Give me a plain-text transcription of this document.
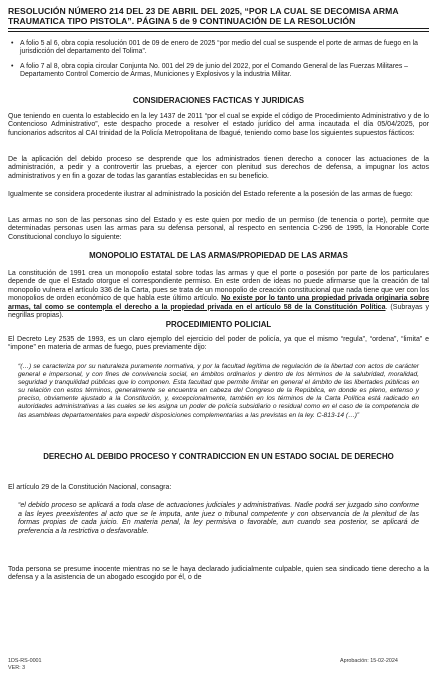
RESOLUCIÓN NÚMERO 214 DEL 23 DE ABRIL DEL 2025, “POR LA CUAL SE DECOMISA ARMA TRAUMATICA TIPO PISTOLA”. PÁGINA 5 de 9 CONTINUACIÓN DE LA RESOLUCIÓN
• A folio 5 al 6, obra copia resolución 001 de 09 de enero de 2025 “por medio del cual se suspende el porte de armas de fuego en la jurisdicción del departamento del Tolima”.
• A folio 7 al 8, obra copia circular Conjunta No. 001 del 29 de junio del 2022, por el Comando General de las Fuerzas Militares – Departamento Control Comercio de Armas, Municiones y Explosivos y la industria Militar.
CONSIDERACIONES FACTICAS Y JURIDICAS
Que teniendo en cuenta lo establecido en la ley 1437 de 2011 “por el cual se expide el código de Procedimiento Administrativo y de lo Contencioso Administrativo”, este despacho procede a resolver el estado jurídico del arma incautada el día 05/04/2025, por funcionarios adscritos al CAI trinidad de la Policía Metropolitana de Ibagué, teniendo como base los siguientes supuestos fácticos:
De la aplicación del debido proceso se desprende que los administrados tienen derecho a conocer las actuaciones de la administración, a pedir y a controvertir las pruebas, a ejercer con plenitud sus derechos de defensa, a impugnar los actos administrativos y en fin a gozar de todas las garantías establecidas en su beneficio.
Igualmente se considera procedente ilustrar al administrado la posición del Estado referente a la posesión de las armas de fuego:
Las armas no son de las personas sino del Estado y es este quien por medio de un permiso (de tenencia o porte), permite que determinadas personas usen las armas para su defensa personal, al respecto en sentencia C-296 de 1995, la Honorable Corte Constitucional concluyo lo siguiente:
MONOPOLIO ESTATAL DE LAS ARMAS/PROPIEDAD DE LAS ARMAS
La constitución de 1991 crea un monopolio estatal sobre todas las armas y que el porte o posesión por parte de los particulares depende de que el Estado otorgue el correspondiente permiso. En este orden de ideas no puede afirmarse que la creación de tal monopolio vulnera el artículo 336 de la Carta, pues se trata de un monopolio de creación constitucional que nada tiene que ver con los monopolios de orden económico de que habla este último artículo. No existe por lo tanto una propiedad privada originaria sobre armas, tal como se contempla el derecho a la propiedad privada en el artículo 58 de la Constitución Política. (Subrayas y negrillas propias).
PROCEDIMIENTO POLICIAL
El Decreto Ley 2535 de 1993, es un claro ejemplo del ejercicio del poder de policía, ya que el mismo “regula”, “ordena”, “limita” e “impone” en materia de armas de fuego, pues previamente dijo:
“(…) se caracteriza por su naturaleza puramente normativa, y por la facultad legítima de regulación de la libertad con actos de carácter general e impersonal, y con fines de convivencia social, en ámbitos ordinarios y dentro de los términos de la salubridad, moralidad, seguridad y tranquilidad públicas que lo componen. Esta facultad que permite limitar en general el ámbito de las libertades públicas en su relación con estos términos, generalmente se encuentra en cabeza del Congreso de la República, en donde es pleno, extenso y preciso, obviamente ajustado a la Constitución, y, excepcionalmente, también en los términos de la Carta Política está radicado en autoridades administrativas a las cuales se les asigna un poder de policía subsidiario o residual como en el caso de la competencia de las asambleas departamentales para expedir disposiciones complementarias a las previstas en la ley. C-813-14 (…)”
DERECHO AL DEBIDO PROCESO Y CONTRADICCION EN UN ESTADO SOCIAL DE DERECHO
El artículo 29 de la Constitución Nacional, consagra:
“el debido proceso se aplicará a toda clase de actuaciones judiciales y administrativas. Nadie podrá ser juzgado sino conforme a las leyes preexistentes al acto que se le imputa, ante juez o tribunal competente y con observancia de la plenitud de las formas propias de cada juicio. En materia penal, la ley permisiva o favorable, aun cuando sea posterior, se aplicará de preferencia a la restrictiva o desfavorable.
Toda persona se presume inocente mientras no se le haya declarado judicialmente culpable, quien sea sindicado tiene derecho a la defensa y a la asistencia de un abogado escogido por él, o de
1DS-RS-0001
VER: 3
Aprobación: 15-02-2024
